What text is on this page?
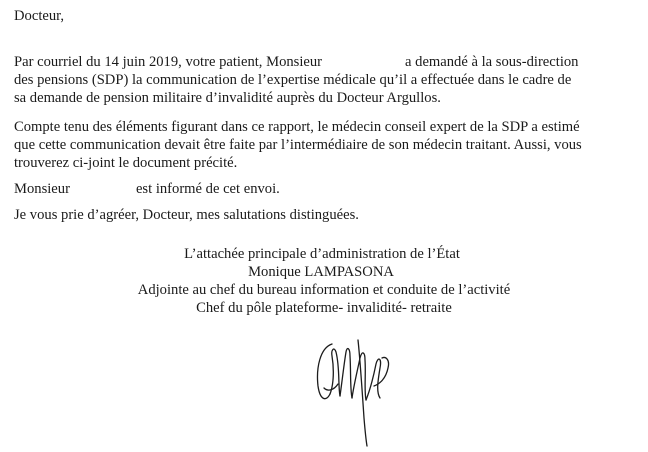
Docteur,
Par courriel du 14 juin 2019, votre patient, Monsieur	a demandé à la sous-direction
des pensions (SDP) la communication de l’expertise médicale qu’il a effectuée dans le cadre de
sa demande de pension militaire d’invalidité auprès du Docteur Argullos.
Compte tenu des éléments figurant dans ce rapport, le médecin conseil expert de la SDP a estimé
que cette communication devait être faite par l’intermédiaire de son médecin traitant. Aussi, vous
trouverez ci-joint le document précité.
Monsieur	est informé de cet envoi.
Je vous prie d’agréer, Docteur, mes salutations distinguées.
L’attachée principale d’administration de l’État
Monique LAMPASONA
Adjointe au chef du bureau information et conduite de l’activité
Chef du pôle plateforme- invalidité- retraite
